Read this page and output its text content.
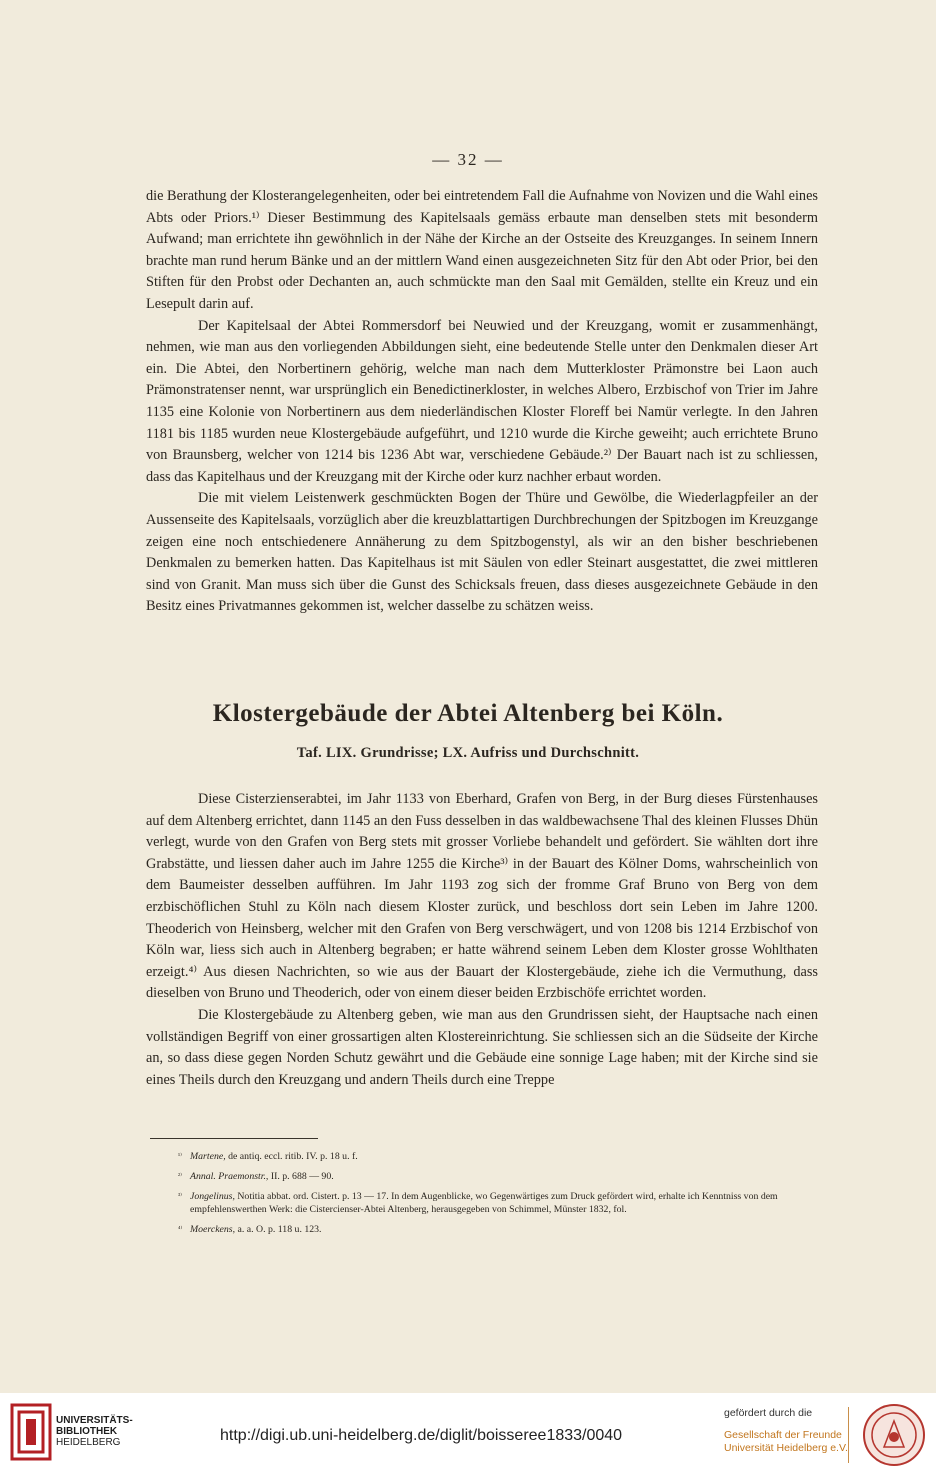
— 32 —

die Berathung der Klosterangelegenheiten, oder bei eintretendem Fall die Aufnahme von Novizen und die Wahl eines Abts oder Priors.¹⁾ Dieser Bestimmung des Kapitelsaals gemäss erbaute man denselben stets mit besonderm Aufwand; man errichtete ihn gewöhnlich in der Nähe der Kirche an der Ostseite des Kreuzganges. In seinem Innern brachte man rund herum Bänke und an der mittlern Wand einen ausgezeichneten Sitz für den Abt oder Prior, bei den Stiften für den Probst oder Dechanten an, auch schmückte man den Saal mit Gemälden, stellte ein Kreuz und ein Lesepult darin auf.

Der Kapitelsaal der Abtei Rommersdorf bei Neuwied und der Kreuzgang, womit er zusammenhängt, nehmen, wie man aus den vorliegenden Abbildungen sieht, eine bedeutende Stelle unter den Denkmalen dieser Art ein. Die Abtei, den Norbertinern gehörig, welche man nach dem Mutterkloster Prämonstre bei Laon auch Prämonstratenser nennt, war ursprünglich ein Benedictinerkloster, in welches Albero, Erzbischof von Trier im Jahre 1135 eine Kolonie von Norbertinern aus dem niederländischen Kloster Floreff bei Namür verlegte. In den Jahren 1181 bis 1185 wurden neue Klostergebäude aufgeführt, und 1210 wurde die Kirche geweiht; auch errichtete Bruno von Braunsberg, welcher von 1214 bis 1236 Abt war, verschiedene Gebäude.²⁾ Der Bauart nach ist zu schliessen, dass das Kapitelhaus und der Kreuzgang mit der Kirche oder kurz nachher erbaut worden.

Die mit vielem Leistenwerk geschmückten Bogen der Thüre und Gewölbe, die Wiederlagpfeiler an der Aussenseite des Kapitelsaals, vorzüglich aber die kreuzblattartigen Durchbrechungen der Spitzbogen im Kreuzgange zeigen eine noch entschiedenere Annäherung zu dem Spitzbogenstyl, als wir an den bisher beschriebenen Denkmalen zu bemerken hatten. Das Kapitelhaus ist mit Säulen von edler Steinart ausgestattet, die zwei mittleren sind von Granit. Man muss sich über die Gunst des Schicksals freuen, dass dieses ausgezeichnete Gebäude in den Besitz eines Privatmannes gekommen ist, welcher dasselbe zu schätzen weiss.

Klostergebäude der Abtei Altenberg bei Köln.
Taf. LIX. Grundrisse; LX. Aufriss und Durchschnitt.

Diese Cisterzienserabtei, im Jahr 1133 von Eberhard, Grafen von Berg, in der Burg dieses Fürstenhauses auf dem Altenberg errichtet, dann 1145 an den Fuss desselben in das waldbewachsene Thal des kleinen Flusses Dhün verlegt, wurde von den Grafen von Berg stets mit grosser Vorliebe behandelt und gefördert. Sie wählten dort ihre Grabstätte, und liessen daher auch im Jahre 1255 die Kirche³⁾ in der Bauart des Kölner Doms, wahrscheinlich von dem Baumeister desselben aufführen. Im Jahr 1193 zog sich der fromme Graf Bruno von Berg von dem erzbischöflichen Stuhl zu Köln nach diesem Kloster zurück, und beschloss dort sein Leben im Jahre 1200. Theoderich von Heinsberg, welcher mit den Grafen von Berg verschwägert, und von 1208 bis 1214 Erzbischof von Köln war, liess sich auch in Altenberg begraben; er hatte während seinem Leben dem Kloster grosse Wohlthaten erzeigt.⁴⁾ Aus diesen Nachrichten, so wie aus der Bauart der Klostergebäude, ziehe ich die Vermuthung, dass dieselben von Bruno und Theoderich, oder von einem dieser beiden Erzbischöfe errichtet worden.

Die Klostergebäude zu Altenberg geben, wie man aus den Grundrissen sieht, der Hauptsache nach einen vollständigen Begriff von einer grossartigen alten Klostereinrichtung. Sie schliessen sich an die Südseite der Kirche an, so dass diese gegen Norden Schutz gewährt und die Gebäude eine sonnige Lage haben; mit der Kirche sind sie eines Theils durch den Kreuzgang und andern Theils durch eine Treppe

¹⁾ Martene, de antiq. eccl. ritib. IV. p. 18 u. f.

²⁾ Annal. Praemonstr., II. p. 688 — 90.

³⁾ Jongelinus, Notitia abbat. ord. Cistert. p. 13 — 17. In dem Augenblicke, wo Gegenwärtiges zum Druck gefördert wird, erhalte ich Kenntniss von dem empfehlenswerthen Werk: die Cistercienser-Abtei Altenberg, herausgegeben von Schimmel, Münster 1832, fol.

⁴⁾ Moerckens, a. a. O. p. 118 u. 123.

UNIVERSITÄTS-
BIBLIOTHEK
HEIDELBERG	http://digi.ub.uni-heidelberg.de/diglit/boisseree1833/0040
gefördert durch die
Gesellschaft der Freunde
Universität Heidelberg e.V.
